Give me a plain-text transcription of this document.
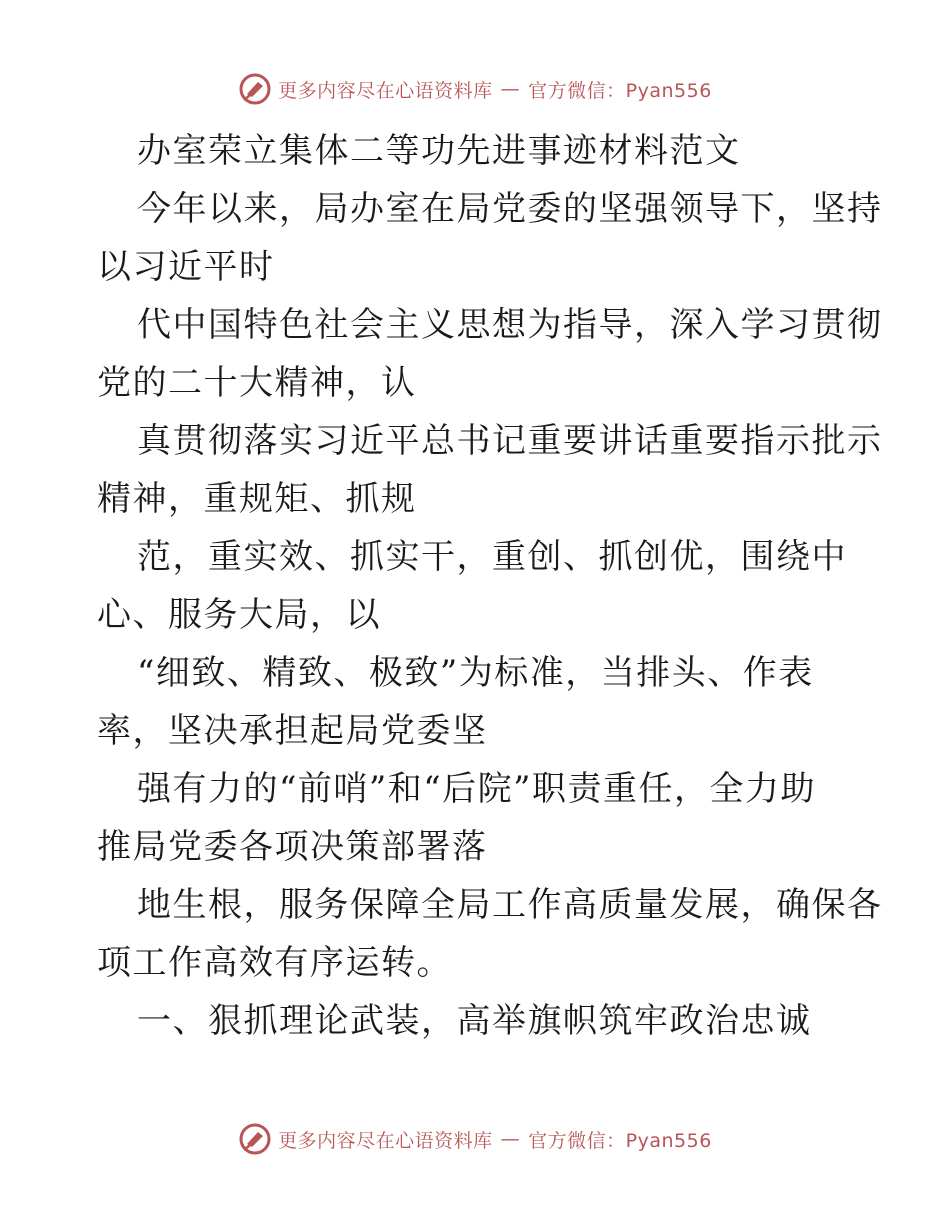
更多内容尽在心语资料库 — 官方微信：Pyan556
办室荣立集体二等功先进事迹材料范文
今年以来，局办室在局党委的坚强领导下，坚持
以习近平时
代中国特色社会主义思想为指导，深入学习贯彻
党的二十大精神，认
真贯彻落实习近平总书记重要讲话重要指示批示
精神，重规矩、抓规
范，重实效、抓实干，重创、抓创优，围绕中
心、服务大局，以
“细致、精致、极致”为标准，当排头、作表
率，坚决承担起局党委坚
强有力的“前哨”和“后院”职责重任，全力助
推局党委各项决策部署落
地生根，服务保障全局工作高质量发展，确保各
项工作高效有序运转。
一、狠抓理论武装，高举旗帜筑牢政治忠诚
更多内容尽在心语资料库 — 官方微信：Pyan556
